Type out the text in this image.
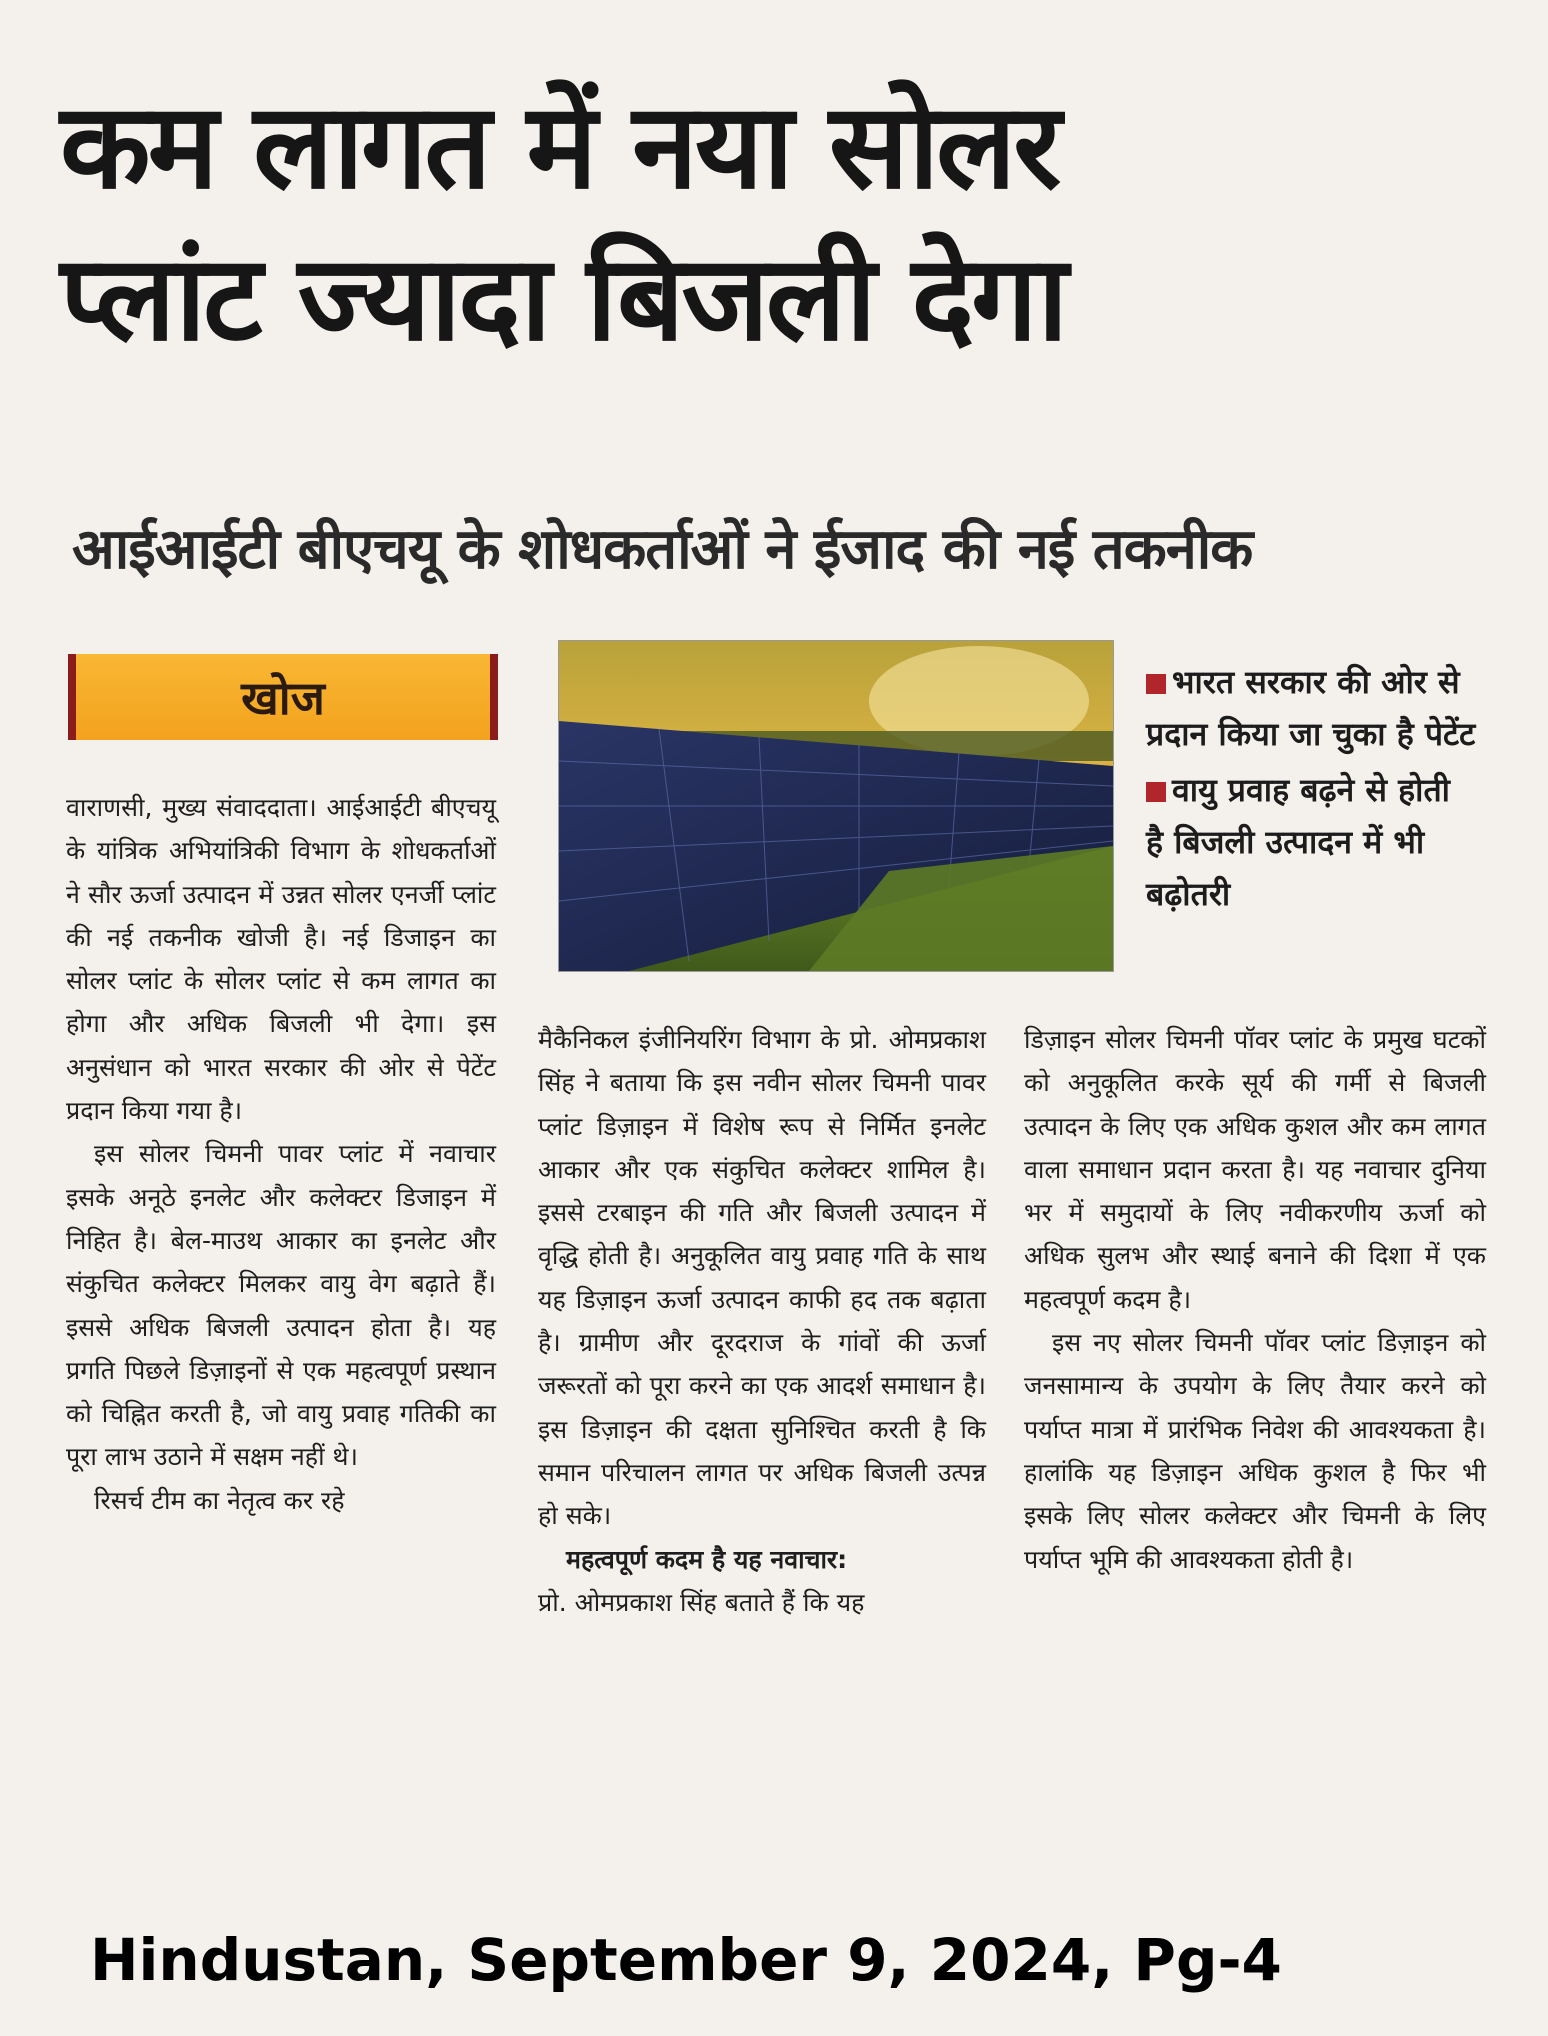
कम लागत में नया सोलर
प्लांट ज्यादा बिजली देगा
आईआईटी बीएचयू के शोधकर्ताओं ने ईजाद की नई तकनीक
खोज	भारत सरकार की ओर से प्रदान किया जा चुका है पेटेंट
वायु प्रवाह बढ़ने से होती है बिजली उत्पादन में भी बढ़ोतरी

वाराणसी, मुख्य संवाददाता। आईआईटी बीएचयू के यांत्रिक अभियांत्रिकी विभाग के शोधकर्ताओं ने सौर ऊर्जा उत्पादन में उन्नत सोलर एनर्जी प्लांट की नई तकनीक खोजी है। नई डिजाइन का सोलर प्लांट के सोलर प्लांट से कम लागत का होगा और अधिक बिजली भी देगा। इस अनुसंधान को भारत सरकार की ओर से पेटेंट प्रदान किया गया है।

इस सोलर चिमनी पावर प्लांट में नवाचार इसके अनूठे इनलेट और कलेक्टर डिजाइन में निहित है। बेल-माउथ आकार का इनलेट और संकुचित कलेक्टर मिलकर वायु वेग बढ़ाते हैं। इससे अधिक बिजली उत्पादन होता है। यह प्रगति पिछले डिज़ाइनों से एक महत्वपूर्ण प्रस्थान को चिह्नित करती है, जो वायु प्रवाह गतिकी का पूरा लाभ उठाने में सक्षम नहीं थे।

रिसर्च टीम का नेतृत्व कर रहे

मैकैनिकल इंजीनियरिंग विभाग के प्रो. ओमप्रकाश सिंह ने बताया कि इस नवीन सोलर चिमनी पावर प्लांट डिज़ाइन में विशेष रूप से निर्मित इनलेट आकार और एक संकुचित कलेक्टर शामिल है। इससे टरबाइन की गति और बिजली उत्पादन में वृद्धि होती है। अनुकूलित वायु प्रवाह गति के साथ यह डिज़ाइन ऊर्जा उत्पादन काफी हद तक बढ़ाता है। ग्रामीण और दूरदराज के गांवों की ऊर्जा जरूरतों को पूरा करने का एक आदर्श समाधान है। इस डिज़ाइन की दक्षता सुनिश्चित करती है कि समान परिचालन लागत पर अधिक बिजली उत्पन्न हो सके।

महत्वपूर्ण कदम है यह नवाचार:
प्रो. ओमप्रकाश सिंह बताते हैं कि यह

डिज़ाइन सोलर चिमनी पॉवर प्लांट के प्रमुख घटकों को अनुकूलित करके सूर्य की गर्मी से बिजली उत्पादन के लिए एक अधिक कुशल और कम लागत वाला समाधान प्रदान करता है। यह नवाचार दुनिया भर में समुदायों के लिए नवीकरणीय ऊर्जा को अधिक सुलभ और स्थाई बनाने की दिशा में एक महत्वपूर्ण कदम है।

इस नए सोलर चिमनी पॉवर प्लांट डिज़ाइन को जनसामान्य के उपयोग के लिए तैयार करने को पर्याप्त मात्रा में प्रारंभिक निवेश की आवश्यकता है। हालांकि यह डिज़ाइन अधिक कुशल है फिर भी इसके लिए सोलर कलेक्टर और चिमनी के लिए पर्याप्त भूमि की आवश्यकता होती है।

Hindustan, September 9, 2024, Pg-4
